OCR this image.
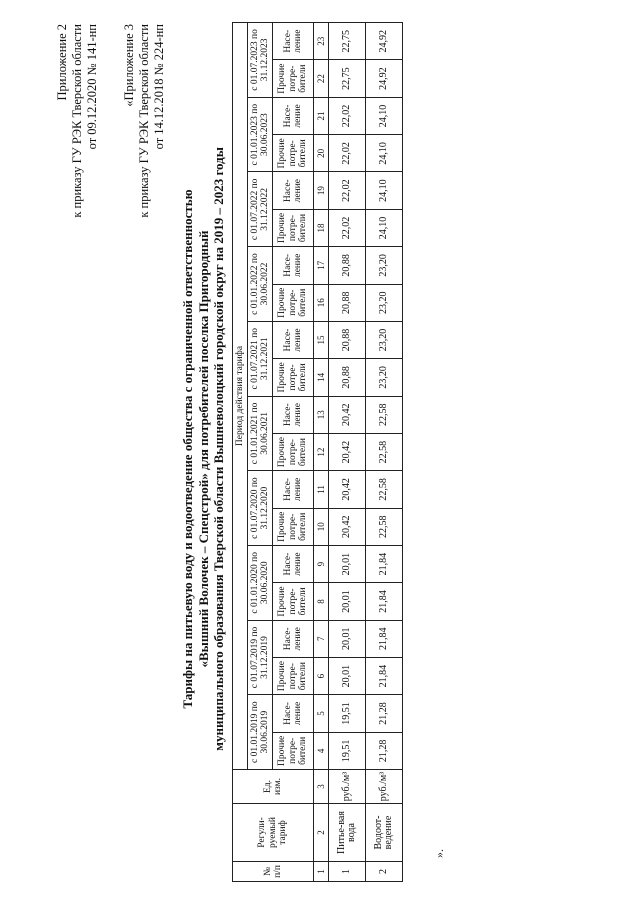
Приложение 2 к приказу ГУ РЭК Тверской области от 09.12.2020 № 141-нп «Приложение 3 к приказу ГУ РЭК Тверской области от 14.12.2018 № 224-нп
Тарифы на питьевую воду и водоотведение общества с ограниченной ответственностью «Вышний Волочек – Спецстрой» для потребителей поселка Пригородный муниципального образования Тверской области Вышневолоцкий городской округ на 2019 – 2023 годы
№ п/п	Регули-руемый тариф	Ед. изм.	Период действия тарифа																			
			с 01.01.2019 по 30.06.2019		с 01.07.2019 по 31.12.2019		с 01.01.2020 по 30.06.2020		с 01.07.2020 по 31.12.2020		с 01.01.2021 по 30.06.2021		с 01.07.2021 по 31.12.2021		с 01.01.2022 по 30.06.2022		с 01.07.2022 по 31.12.2022		с 01.01.2023 по 30.06.2023		с 01.07.2023 по 31.12.2023	
			Прочие потре-бители	Насе-ление	Прочие потре-бители	Насе-ление	Прочие потре-бители	Насе-ление	Прочие потре-бители	Насе-ление	Прочие потре-бители	Насе-ление	Прочие потре-бители	Насе-ление	Прочие потре-бители	Насе-ление	Прочие потре-бители	Насе-ление	Прочие потре-бители	Насе-ление	Прочие потре-бители	Насе-ление
1	2	3	4	5	6	7	8	9	10	11	12	13	14	15	16	17	18	19	20	21	22	23
1	Питье-вая вода	руб./м³	19,51	19,51	20,01	20,01	20,01	20,01	20,42	20,42	20,42	20,42	20,88	20,88	20,88	20,88	22,02	22,02	22,02	22,02	22,75	22,75
2	Водоот-ведение	руб./м³	21,28	21,28	21,84	21,84	21,84	21,84	22,58	22,58	22,58	22,58	23,20	23,20	23,20	23,20	24,10	24,10	24,10	24,10	24,92	24,92
».
